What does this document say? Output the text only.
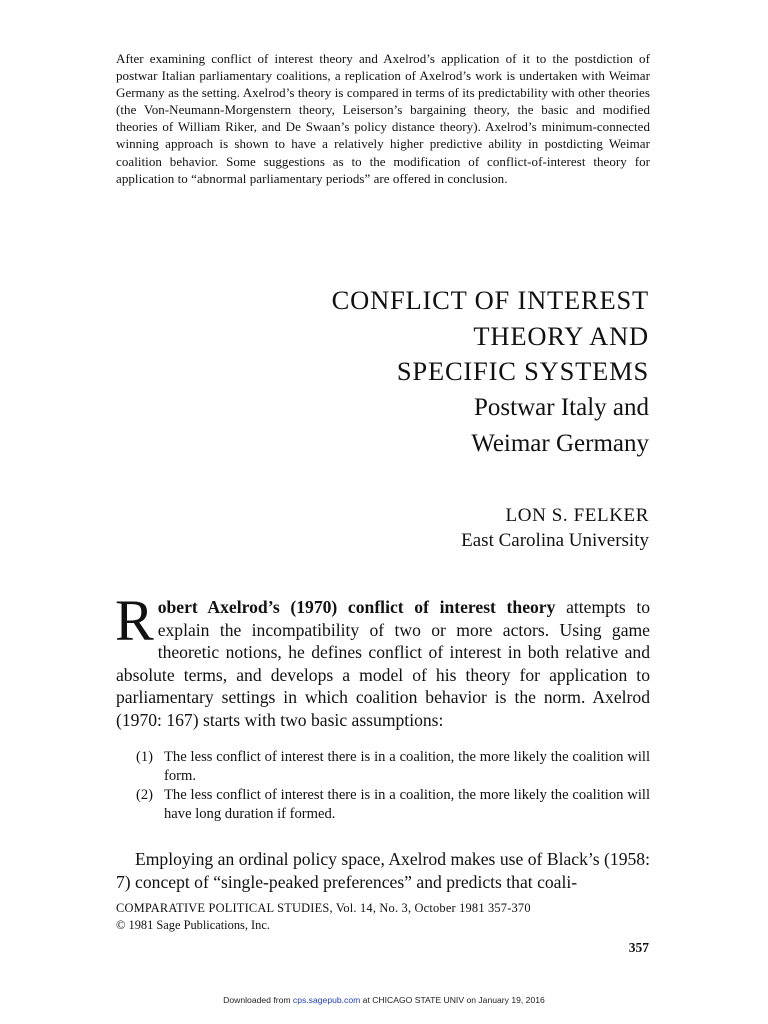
After examining conflict of interest theory and Axelrod’s application of it to the postdiction of postwar Italian parliamentary coalitions, a replication of Axelrod’s work is undertaken with Weimar Germany as the setting. Axelrod’s theory is compared in terms of its predictability with other theories (the Von-Neumann-Morgenstern theory, Leiserson’s bargaining theory, the basic and modified theories of William Riker, and De Swaan’s policy distance theory). Axelrod’s minimum-connected winning approach is shown to have a relatively higher predictive ability in postdicting Weimar coalition behavior. Some suggestions as to the modification of conflict-of-interest theory for application to “abnormal parliamentary periods” are offered in conclusion.

CONFLICT OF INTEREST
THEORY AND
SPECIFIC SYSTEMS
Postwar Italy and
Weimar Germany
LON S. FELKER
East Carolina University

Robert Axelrod’s (1970) conflict of interest theory attempts to explain the incompatibility of two or more actors. Using game theoretic notions, he defines conflict of interest in both relative and absolute terms, and develops a model of his theory for application to parliamentary settings in which coalition behavior is the norm. Axelrod (1970: 167) starts with two basic assumptions:

(1) The less conflict of interest there is in a coalition, the more likely the coalition will form.
(2) The less conflict of interest there is in a coalition, the more likely the coalition will have long duration if formed.

Employing an ordinal policy space, Axelrod makes use of Black’s (1958: 7) concept of “single-peaked preferences” and predicts that coali-

COMPARATIVE POLITICAL STUDIES, Vol. 14, No. 3, October 1981 357-370
© 1981 Sage Publications, Inc.
357
Downloaded from cps.sagepub.com at CHICAGO STATE UNIV on January 19, 2016
